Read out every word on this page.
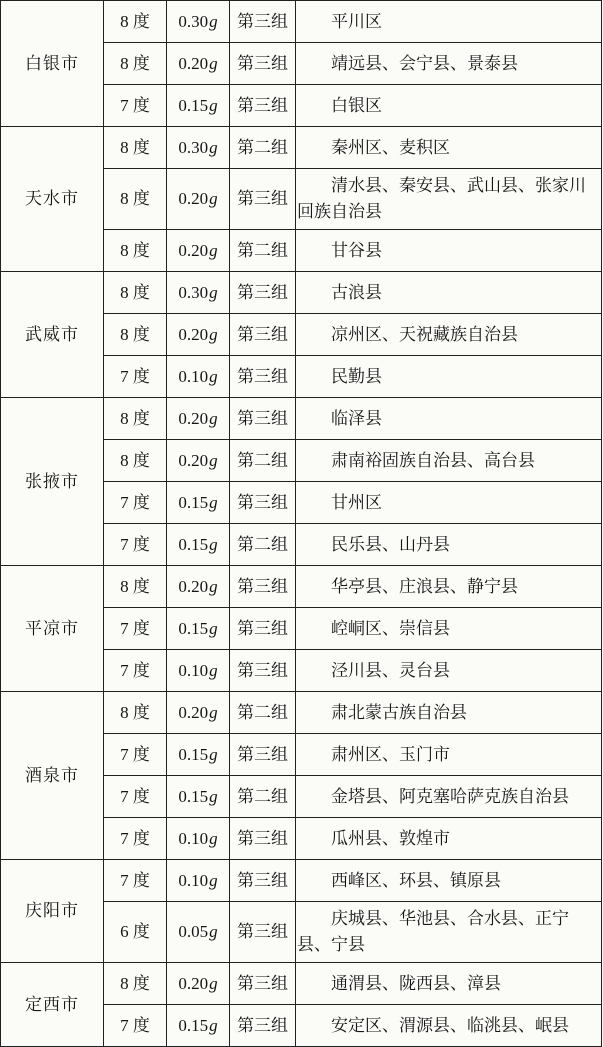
白银市	8 度	0.30g	第三组	平川区
	8 度	0.20g	第三组	靖远县、会宁县、景泰县
	7 度	0.15g	第三组	白银区
天水市	8 度	0.30g	第二组	秦州区、麦积区
	8 度	0.20g	第三组	清水县、秦安县、武山县、张家川回族自治县
	8 度	0.20g	第二组	甘谷县
武威市	8 度	0.30g	第三组	古浪县
	8 度	0.20g	第三组	凉州区、天祝藏族自治县
	7 度	0.10g	第三组	民勤县
张掖市	8 度	0.20g	第三组	临泽县
	8 度	0.20g	第二组	肃南裕固族自治县、高台县
	7 度	0.15g	第三组	甘州区
	7 度	0.15g	第二组	民乐县、山丹县
平凉市	8 度	0.20g	第三组	华亭县、庄浪县、静宁县
	7 度	0.15g	第三组	崆峒区、崇信县
	7 度	0.10g	第三组	泾川县、灵台县
酒泉市	8 度	0.20g	第二组	肃北蒙古族自治县
	7 度	0.15g	第三组	肃州区、玉门市
	7 度	0.15g	第二组	金塔县、阿克塞哈萨克族自治县
	7 度	0.10g	第三组	瓜州县、敦煌市
庆阳市	7 度	0.10g	第三组	西峰区、环县、镇原县
	6 度	0.05g	第三组	庆城县、华池县、合水县、正宁县、宁县
定西市	8 度	0.20g	第三组	通渭县、陇西县、漳县
	7 度	0.15g	第三组	安定区、渭源县、临洮县、岷县
